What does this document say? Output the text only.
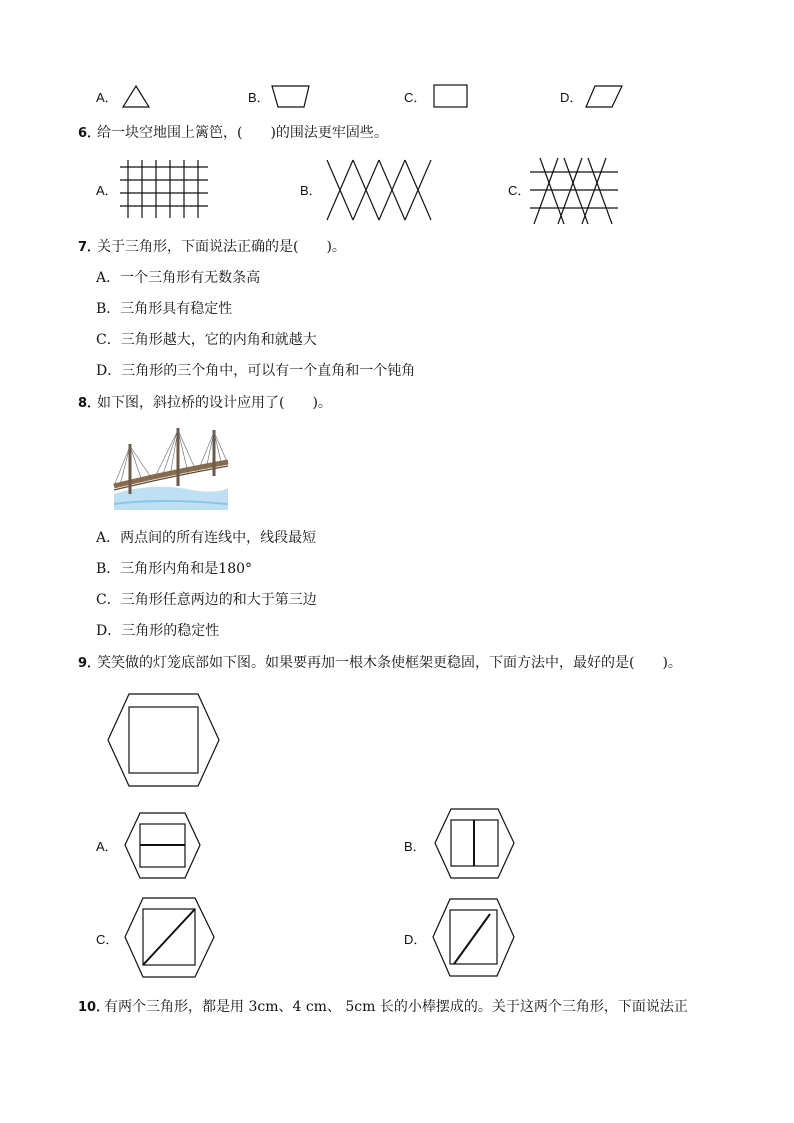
A．	B．	C．	D．
6．
给一块空地围上篱笆，(　　)的围法更牢固些。
A．	B．	C．
7．
关于三角形，下面说法正确的是(　　)。
A．一个三角形有无数条高
B．三角形具有稳定性
C．三角形越大，它的内角和就越大
D．三角形的三个角中，可以有一个直角和一个钝角
8．
如下图，斜拉桥的设计应用了(　　)。
A．两点间的所有连线中，线段最短
B．三角形内角和是180°
C．三角形任意两边的和大于第三边
D．三角形的稳定性
9．
笑笑做的灯笼底部如下图。如果要再加一根木条使框架更稳固，下面方法中，最好的是(　　)。
A．	B．
C．	D．
10．
有两个三角形，都是用 3cm、4 cm、 5cm 长的小棒摆成的。关于这两个三角形，下面说法正
